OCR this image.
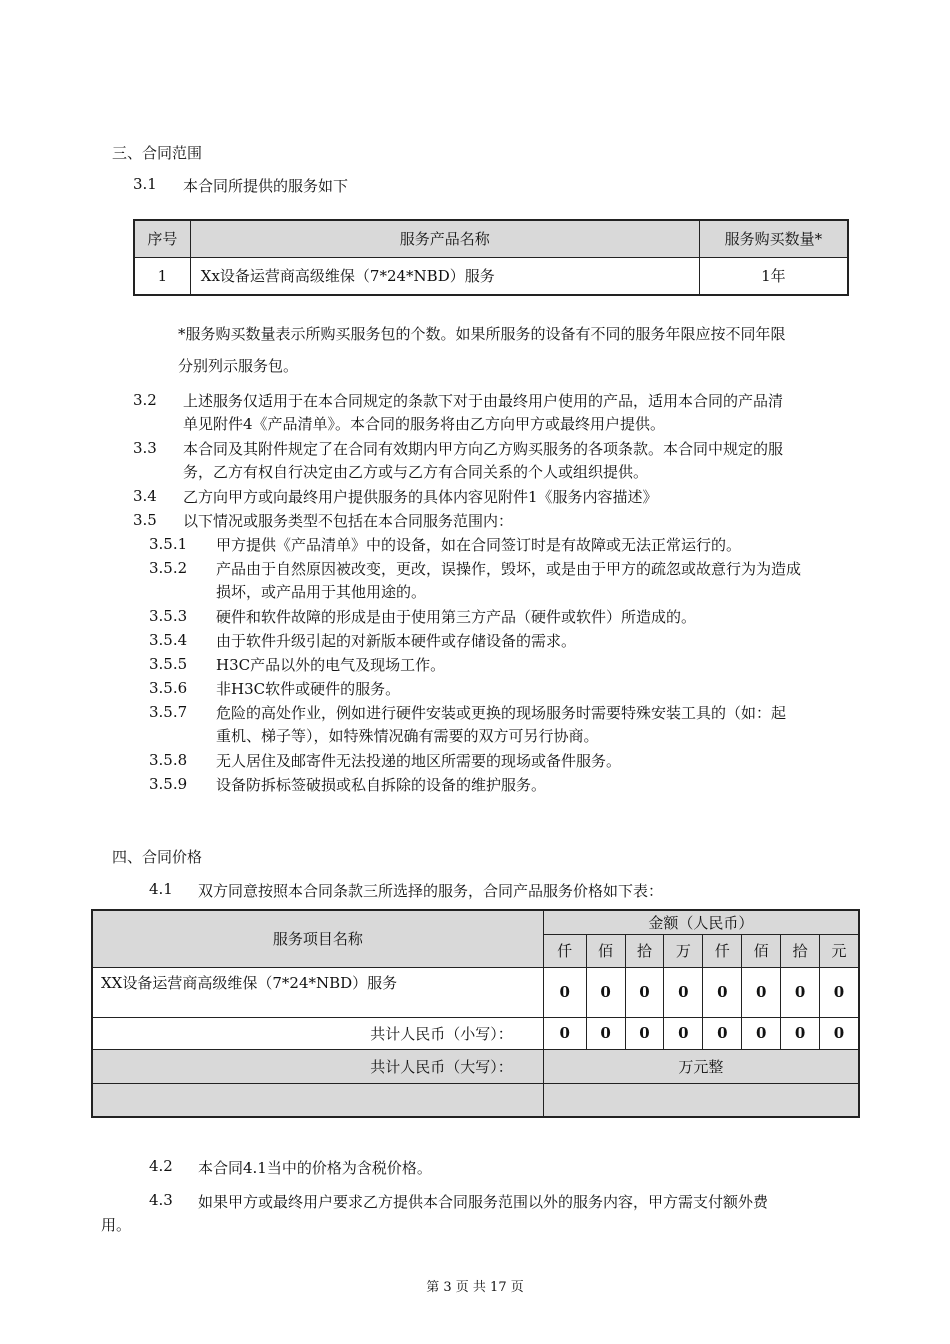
三、合同范围
3.1 本合同所提供的服务如下
序号	服务产品名称	服务购买数量*
1	Xx设备运营商高级维保（7*24*NBD）服务	1年
*服务购买数量表示所购买服务包的个数。如果所服务的设备有不同的服务年限应按不同年限
分别列示服务包。
3.2 上述服务仅适用于在本合同规定的条款下对于由最终用户使用的产品，适用本合同的产品清
单见附件4《产品清单》。本合同的服务将由乙方向甲方或最终用户提供。
3.3 本合同及其附件规定了在合同有效期内甲方向乙方购买服务的各项条款。本合同中规定的服
务，乙方有权自行决定由乙方或与乙方有合同关系的个人或组织提供。
3.4 乙方向甲方或向最终用户提供服务的具体内容见附件1《服务内容描述》
3.5 以下情况或服务类型不包括在本合同服务范围内：
3.5.1 甲方提供《产品清单》中的设备，如在合同签订时是有故障或无法正常运行的。
3.5.2 产品由于自然原因被改变，更改，误操作，毁坏，或是由于甲方的疏忽或故意行为为造成
损坏，或产品用于其他用途的。
3.5.3 硬件和软件故障的形成是由于使用第三方产品（硬件或软件）所造成的。
3.5.4 由于软件升级引起的对新版本硬件或存储设备的需求。
3.5.5 H3C产品以外的电气及现场工作。
3.5.6 非H3C软件或硬件的服务。
3.5.7 危险的高处作业，例如进行硬件安装或更换的现场服务时需要特殊安装工具的（如：起
重机、梯子等），如特殊情况确有需要的双方可另行协商。
3.5.8 无人居住及邮寄件无法投递的地区所需要的现场或备件服务。
3.5.9 设备防拆标签破损或私自拆除的设备的维护服务。
四、合同价格
4.1 双方同意按照本合同条款三所选择的服务，合同产品服务价格如下表：
服务项目名称	金额（人民币）							
	仟	佰	拾	万	仟	佰	拾	元
XX设备运营商高级维保（7*24*NBD）服务	0	0	0	0	0	0	0	0
共计人民币（小写）：	0	0	0	0	0	0	0	0
共计人民币（大写）：	万元整							

4.2 本合同4.1当中的价格为含税价格。
4.3 如果甲方或最终用户要求乙方提供本合同服务范围以外的服务内容，甲方需支付额外费
用。
第 3 页 共 17 页
